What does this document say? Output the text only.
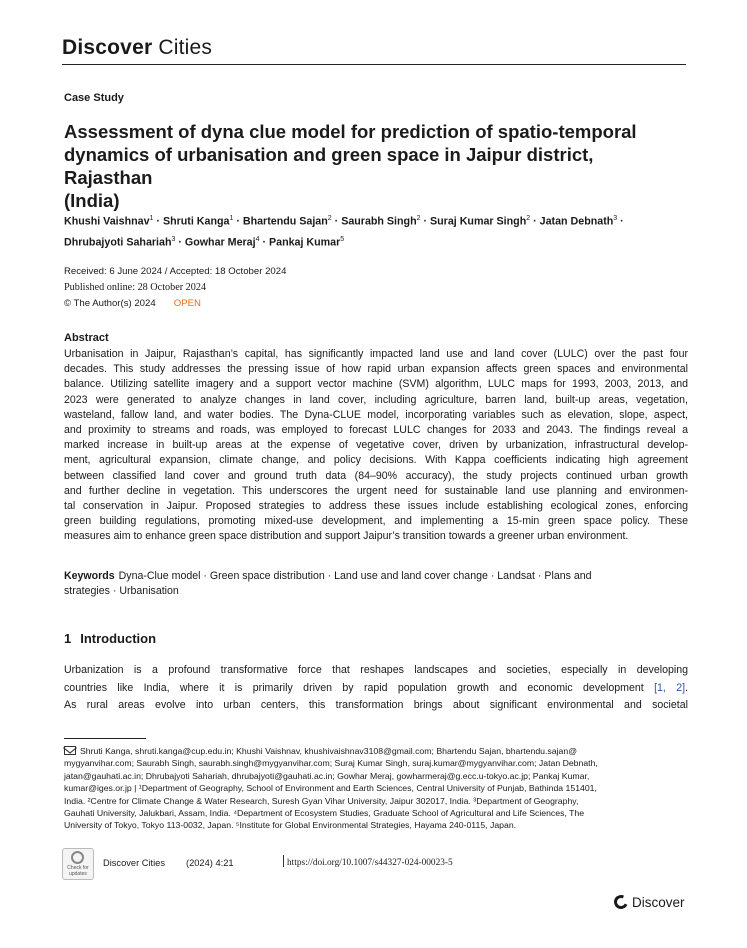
Discover Cities
Case Study
Assessment of dyna clue model for prediction of spatio-temporal
dynamics of urbanisation and green space in Jaipur district, Rajasthan
(India)
Khushi Vaishnav$^1$ · Shruti Kanga$^1$ · Bhartendu Sajan$^2$ · Saurabh Singh$^2$ · Suraj Kumar Singh$^2$ · Jatan Debnath$^3$ ·
Dhrubajyoti Sahariah$^3$ · Gowhar Meraj$^4$ · Pankaj Kumar$^5$
Received: 6 June 2024 / Accepted: 18 October 2024
Published online: 28 October 2024
© The Author(s) 2024 OPEN
Abstract
Urbanisation in Jaipur, Rajasthan’s capital, has significantly impacted land use and land cover (LULC) over the past four
decades. This study addresses the pressing issue of how rapid urban expansion affects green spaces and environmental
balance. Utilizing satellite imagery and a support vector machine (SVM) algorithm, LULC maps for 1993, 2003, 2013, and
2023 were generated to analyze changes in land cover, including agriculture, barren land, built-up areas, vegetation,
wasteland, fallow land, and water bodies. The Dyna-CLUE model, incorporating variables such as elevation, slope, aspect,
and proximity to streams and roads, was employed to forecast LULC changes for 2033 and 2043. The findings reveal a
marked increase in built-up areas at the expense of vegetative cover, driven by urbanization, infrastructural develop-
ment, agricultural expansion, climate change, and policy decisions. With Kappa coefficients indicating high agreement
between classified land cover and ground truth data (84–90% accuracy), the study projects continued urban growth
and further decline in vegetation. This underscores the urgent need for sustainable land use planning and environmen-
tal conservation in Jaipur. Proposed strategies to address these issues include establishing ecological zones, enforcing
green building regulations, promoting mixed-use development, and implementing a 15-min green space policy. These
measures aim to enhance green space distribution and support Jaipur’s transition towards a greener urban environment.
Keywords Dyna-Clue model · Green space distribution · Land use and land cover change · Landsat · Plans and
strategies · Urbanisation
1 Introduction
Urbanization is a profound transformative force that reshapes landscapes and societies, especially in developing
countries like India, where it is primarily driven by rapid population growth and economic development [1, 2].
As rural areas evolve into urban centers, this transformation brings about significant environmental and societal
Shruti Kanga, shruti.kanga@cup.edu.in; Khushi Vaishnav, khushivaishnav3108@gmail.com; Bhartendu Sajan, bhartendu.sajan@
mygyanvihar.com; Saurabh Singh, saurabh.singh@mygyanvihar.com; Suraj Kumar Singh, suraj.kumar@mygyanvihar.com; Jatan Debnath,
jatan@gauhati.ac.in; Dhrubajyoti Sahariah, dhrubajyoti@gauhati.ac.in; Gowhar Meraj, gowharmeraj@g.ecc.u-tokyo.ac.jp; Pankaj Kumar,
kumar@iges.or.jp | ¹Department of Geography, School of Environment and Earth Sciences, Central University of Punjab, Bathinda 151401,
India. ²Centre for Climate Change & Water Research, Suresh Gyan Vihar University, Jaipur 302017, India. ³Department of Geography,
Gauhati University, Jalukbari, Assam, India. ⁴Department of Ecosystem Studies, Graduate School of Agricultural and Life Sciences, The
University of Tokyo, Tokyo 113-0032, Japan. ⁵Institute for Global Environmental Strategies, Hayama 240-0115, Japan.
Check for updates
Discover Cities (2024) 4:21	https://doi.org/10.1007/s44327-024-00023-5
Discover
